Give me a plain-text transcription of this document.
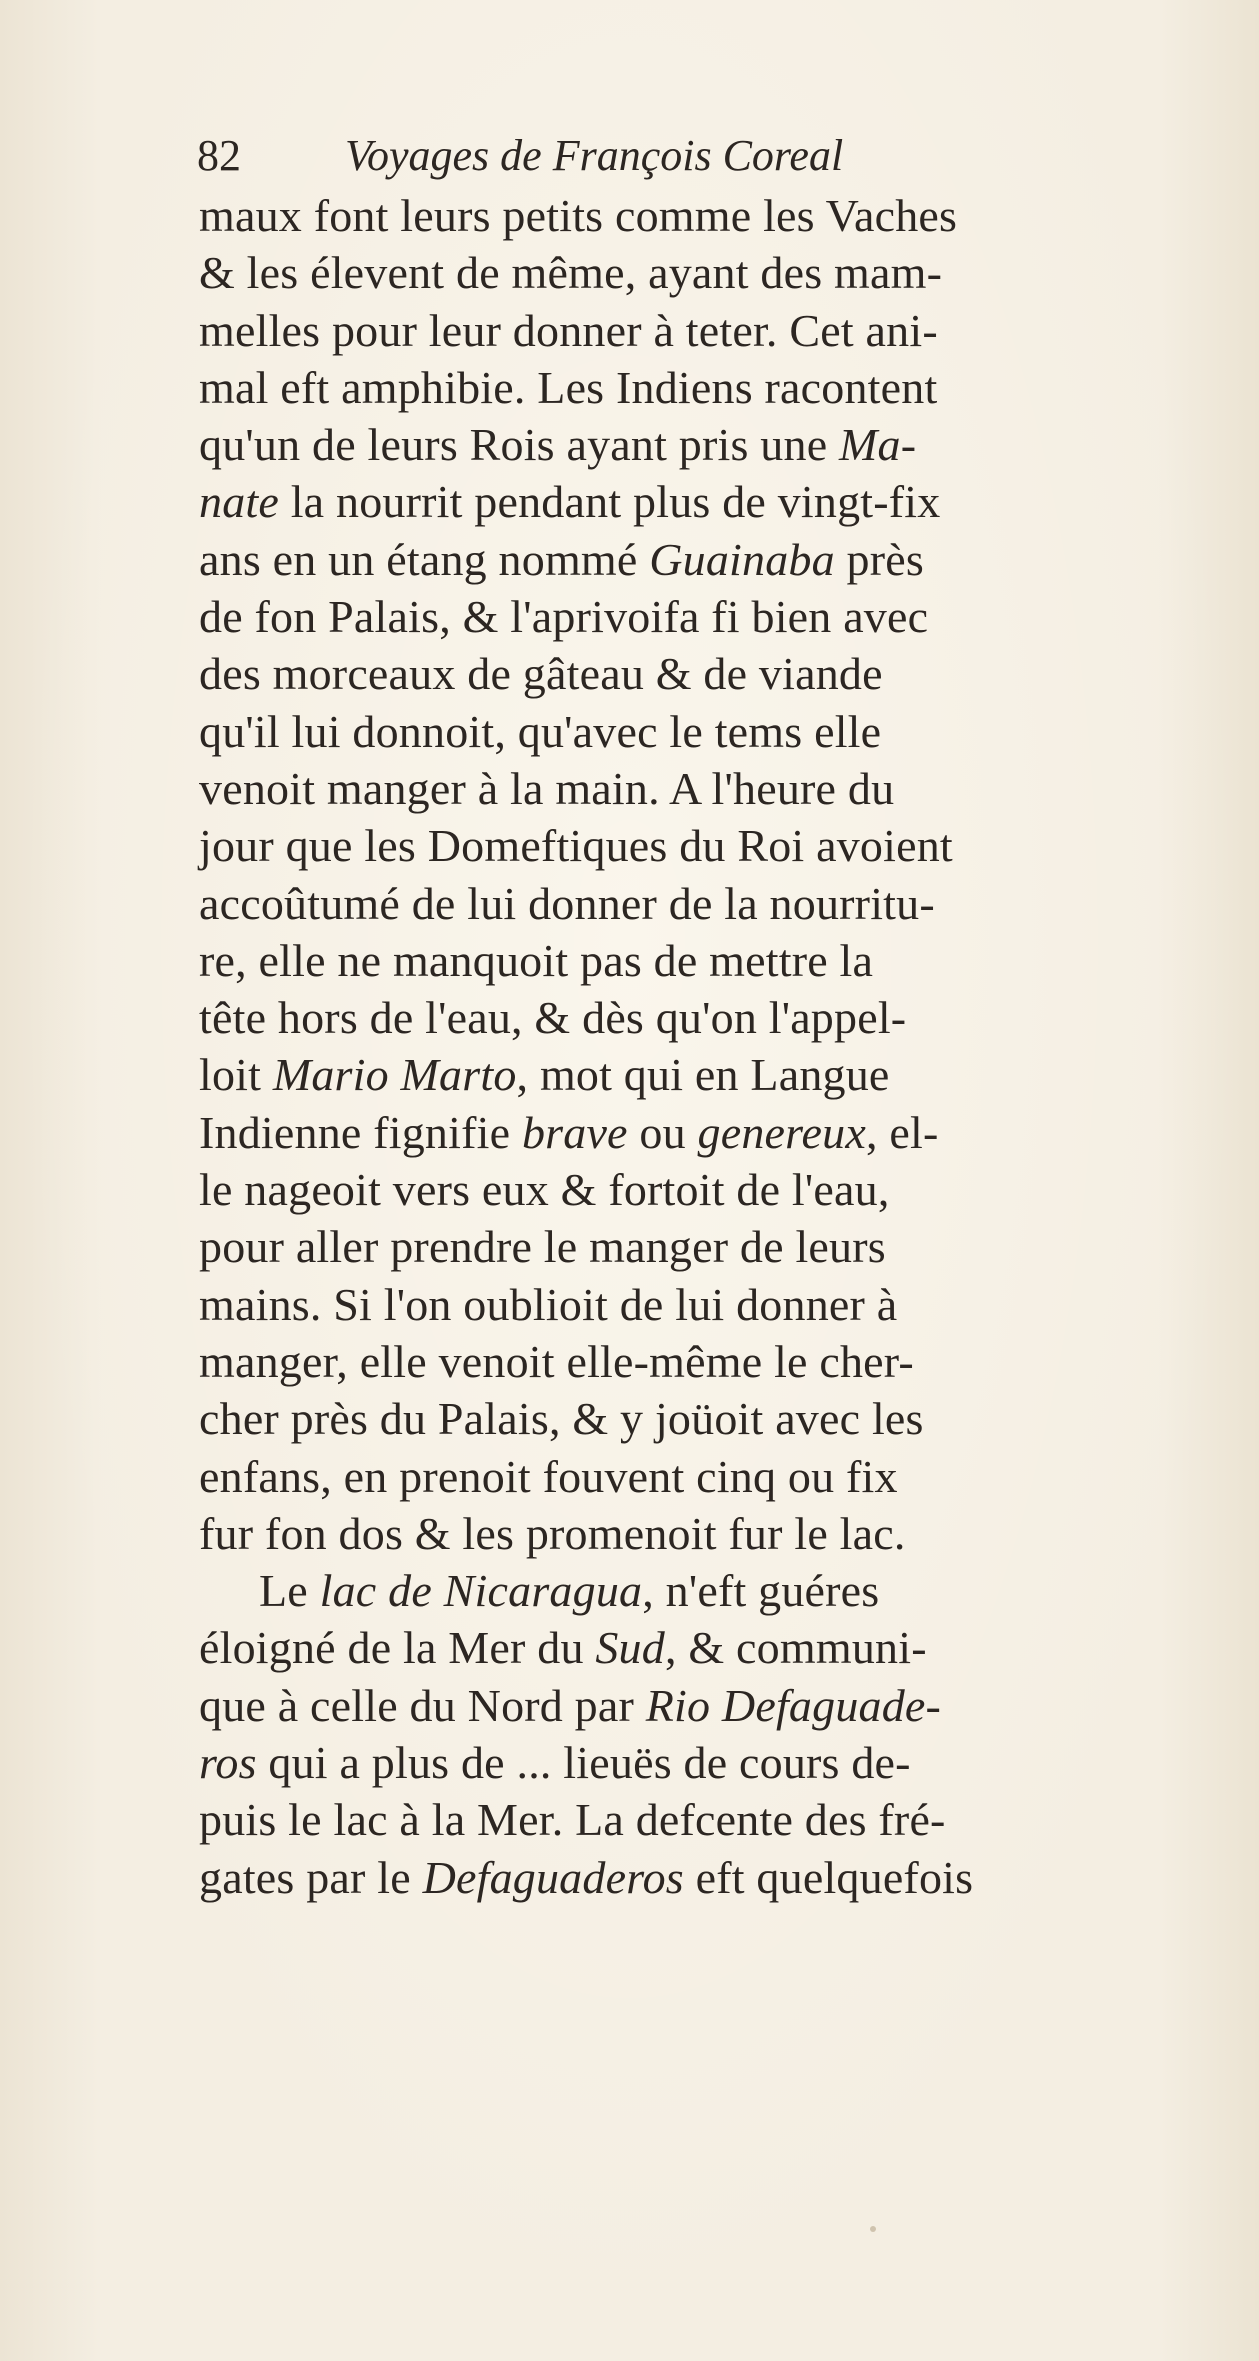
82 Voyages de François Coreal
maux font leurs petits comme les Vaches
& les élevent de même, ayant des mam-
melles pour leur donner à teter. Cet ani-
mal eft amphibie. Les Indiens racontent
qu'un de leurs Rois ayant pris une Ma-
nate la nourrit pendant plus de vingt-fix
ans en un étang nommé Guainaba près
de fon Palais, & l'aprivoifa fi bien avec
des morceaux de gâteau & de viande
qu'il lui donnoit, qu'avec le tems elle
venoit manger à la main. A l'heure du
jour que les Domeftiques du Roi avoient
accoûtumé de lui donner de la nourritu-
re, elle ne manquoit pas de mettre la
tête hors de l'eau, & dès qu'on l'appel-
loit Mario Marto, mot qui en Langue
Indienne fignifie brave ou genereux, el-
le nageoit vers eux & fortoit de l'eau,
pour aller prendre le manger de leurs
mains. Si l'on oublioit de lui donner à
manger, elle venoit elle-même le cher-
cher près du Palais, & y joüoit avec les
enfans, en prenoit fouvent cinq ou fix
fur fon dos & les promenoit fur le lac.
Le lac de Nicaragua, n'eft guéres
éloigné de la Mer du Sud, & communi-
que à celle du Nord par Rio Defaguade-
ros qui a plus de ... lieuës de cours de-
puis le lac à la Mer. La defcente des fré-
gates par le Defaguaderos eft quelquefois
